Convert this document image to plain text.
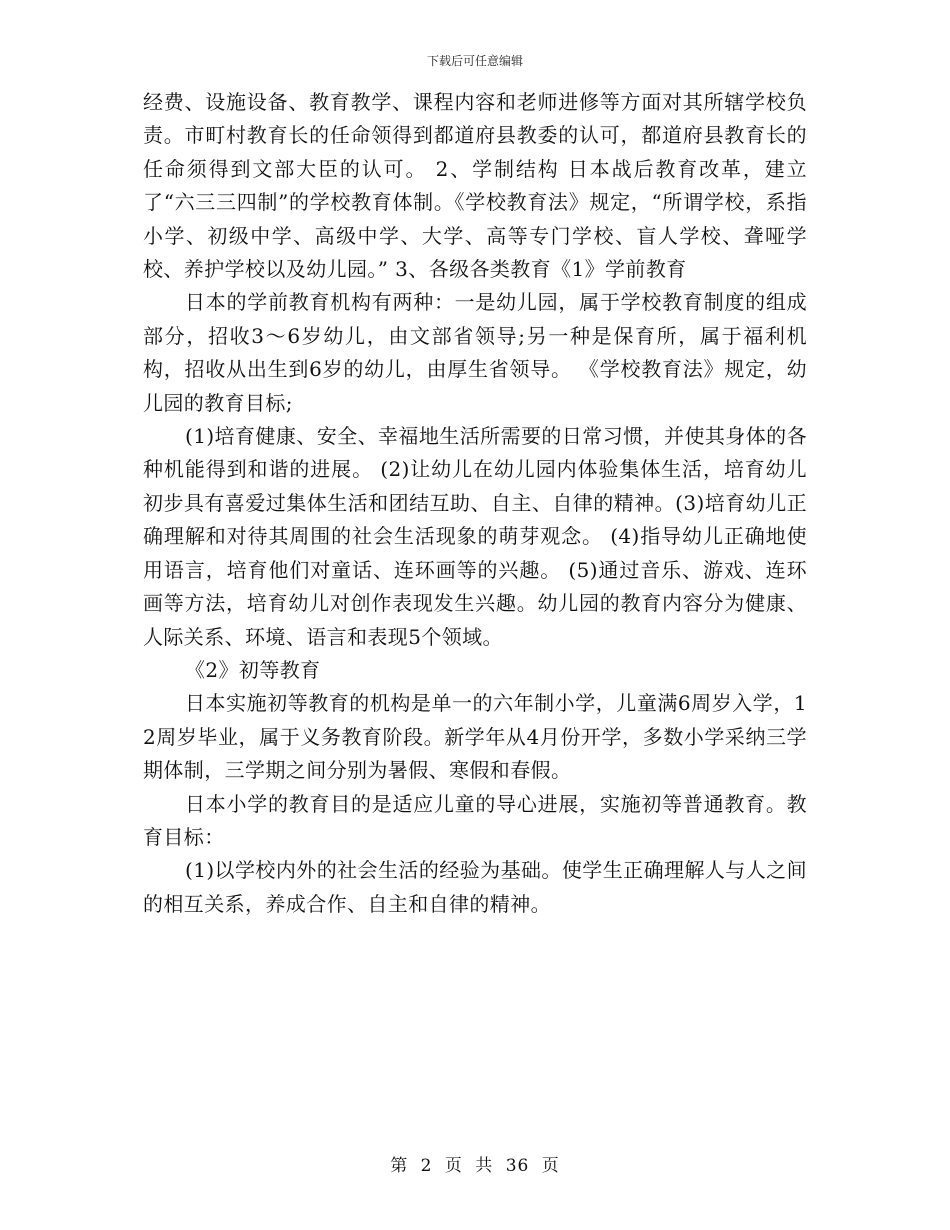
下载后可任意编辑

经费、设施设备、教育教学、课程内容和老师进修等方面对其所辖学校负责。市町村教育长的任命领得到都道府县教委的认可，都道府县教育长的任命须得到文部大臣的认可。 2、学制结构 日本战后教育改革，建立了“六三三四制”的学校教育体制。《学校教育法》规定，“所谓学校，系指小学、初级中学、高级中学、大学、高等专门学校、盲人学校、聋哑学校、养护学校以及幼儿园。” 3、各级各类教育《1》学前教育

日本的学前教育机构有两种：一是幼儿园，属于学校教育制度的组成部分，招收3～6岁幼儿，由文部省领导;另一种是保育所，属于福利机构，招收从出生到6岁的幼儿，由厚生省领导。 《学校教育法》规定，幼儿园的教育目标;

(1)培育健康、安全、幸福地生活所需要的日常习惯，并使其身体的各种机能得到和谐的进展。 (2)让幼儿在幼儿园内体验集体生活，培育幼儿初步具有喜爱过集体生活和团结互助、自主、自律的精神。(3)培育幼儿正确理解和对待其周围的社会生活现象的萌芽观念。 (4)指导幼儿正确地使用语言，培育他们对童话、连环画等的兴趣。 (5)通过音乐、游戏、连环画等方法，培育幼儿对创作表现发生兴趣。幼儿园的教育内容分为健康、人际关系、环境、语言和表现5个领域。

《2》初等教育

日本实施初等教育的机构是单一的六年制小学，儿童满6周岁入学，12周岁毕业，属于义务教育阶段。新学年从4月份开学，多数小学采纳三学期体制，三学期之间分别为暑假、寒假和春假。

日本小学的教育目的是适应儿童的导心进展，实施初等普通教育。教育目标：

(1)以学校内外的社会生活的经验为基础。使学生正确理解人与人之间的相互关系，养成合作、自主和自律的精神。

第 2 页 共 36 页
